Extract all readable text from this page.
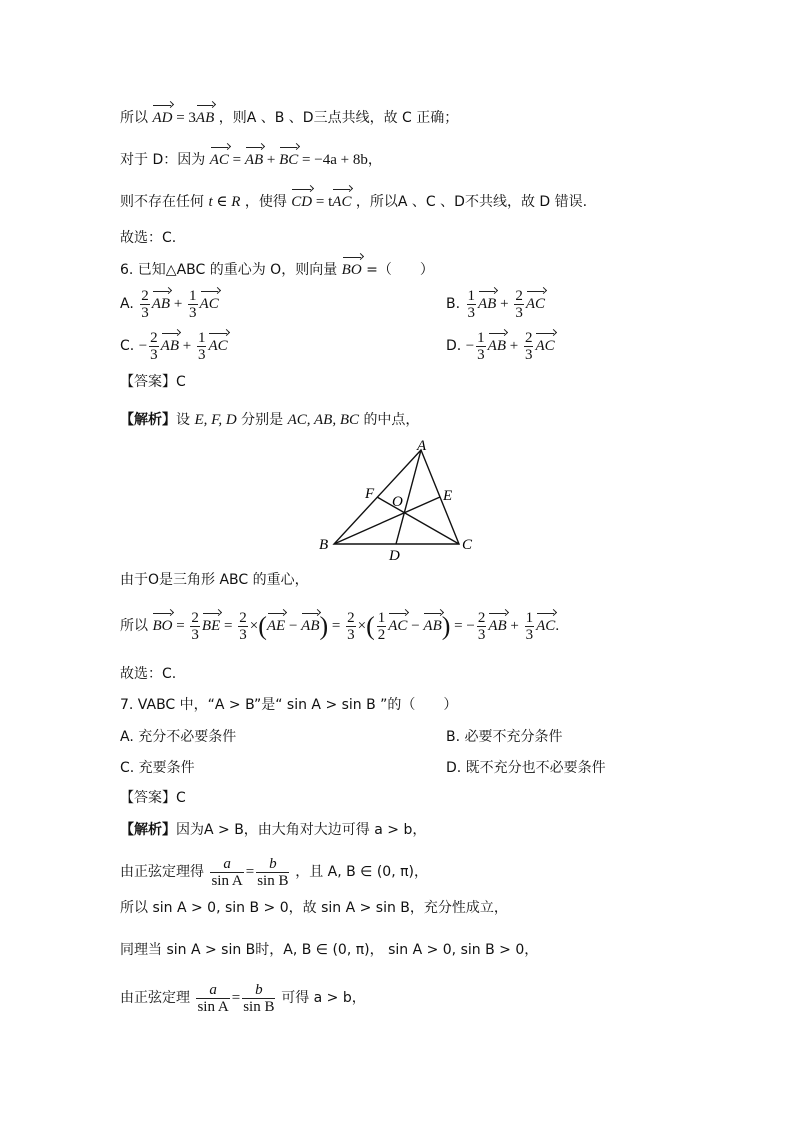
所以 AD = 3AB ，则A 、B 、D三点共线，故 C 正确；
对于 D：因为 AC = AB + BC = −4a + 8b，
则不存在任何 t ∈ R ，使得 CD = tAC ，所以A 、C 、D不共线，故 D 错误.
故选：C.
6. 已知△ABC 的重心为 O，则向量 BO =（　　）
A. $\frac{2}{3}$ AB + $\frac{1}{3}$ AC	B. $\frac{1}{3}$ AB + $\frac{2}{3}$ AC
C. − $\frac{2}{3}$ AB + $\frac{1}{3}$ AC	D. − $\frac{1}{3}$ AB + $\frac{2}{3}$ AC
【答案】C
【解析】设 E, F, D 分别是 AC, AB, BC 的中点，
A
B	C
D
E
F O
由于O是三角形 ABC 的重心，
所以 BO = $\frac{2}{3}$ BE = $\frac{2}{3} \times(AE - AB) = \frac{2}{3}$ ×( $\frac{1}{2}$ AC − AB) = − $\frac{2}{3}$ AB + $\frac{1}{3}$ AC.
故选：C.
7. VABC 中，“A > B”是“ sin A > sin B ”的（　　）
A. 充分不必要条件	B. 必要不充分条件
C. 充要条件	D. 既不充分也不必要条件
【答案】C
【解析】因为A > B，由大角对大边可得 a > b，
由正弦定理得 $\frac{a}{\text{sin A}} = \frac{b}{\text{sin B}}$ ，且 A, B ∈ (0, π)，
所以 sin A > 0, sin B > 0，故 sin A > sin B，充分性成立，
同理当 sin A > sin B时，A, B ∈ (0, π)， sin A > 0, sin B > 0，
由正弦定理 $\frac{a}{\text{sin A}} = \frac{b}{\text{sin B}}$ 可得 a > b，
